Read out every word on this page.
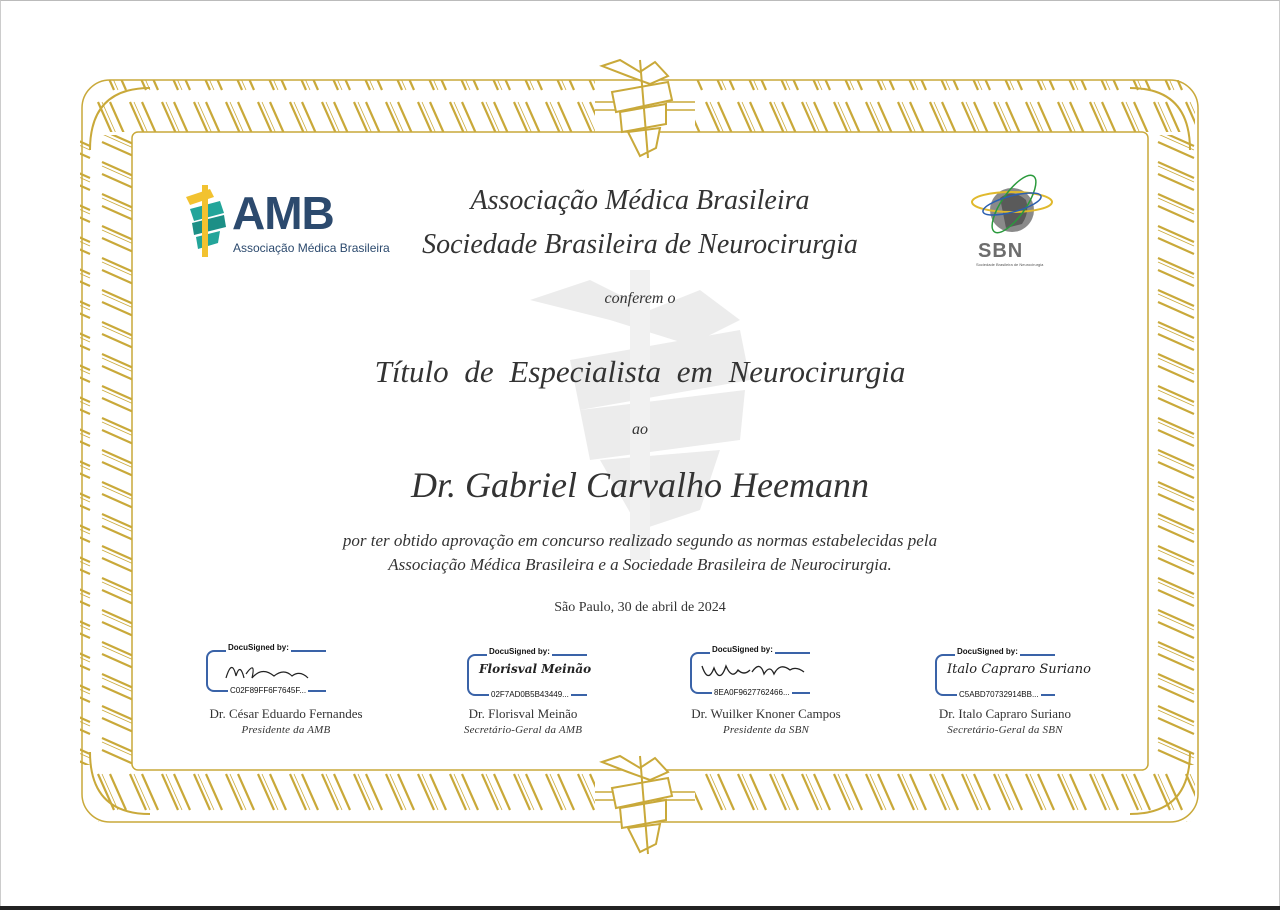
AMB
Associação Médica Brasileira	SBN
Sociedade Brasileira de Neurocirurgia
Associação Médica Brasileira
Sociedade Brasileira de Neurocirurgia
conferem o
Título de Especialista em Neurocirurgia
ao
Dr. Gabriel Carvalho Heemann
por ter obtido aprovação em concurso realizado segundo as normas estabelecidas pela
Associação Médica Brasileira e a Sociedade Brasileira de Neurocirurgia.
São Paulo, 30 de abril de 2024
DocuSigned by:
C02F89FF6F7645F...
Dr. César Eduardo Fernandes
Presidente da AMB
DocuSigned by:
Florisval Meinão
02F7AD0B5B43449...
Dr. Florisval Meinão
Secretário-Geral da AMB
DocuSigned by:
8EA0F9627762466...
Dr. Wuilker Knoner Campos
Presidente da SBN
DocuSigned by:
Italo Capraro Suriano
C5ABD70732914BB...
Dr. Italo Capraro Suriano
Secretário-Geral da SBN
